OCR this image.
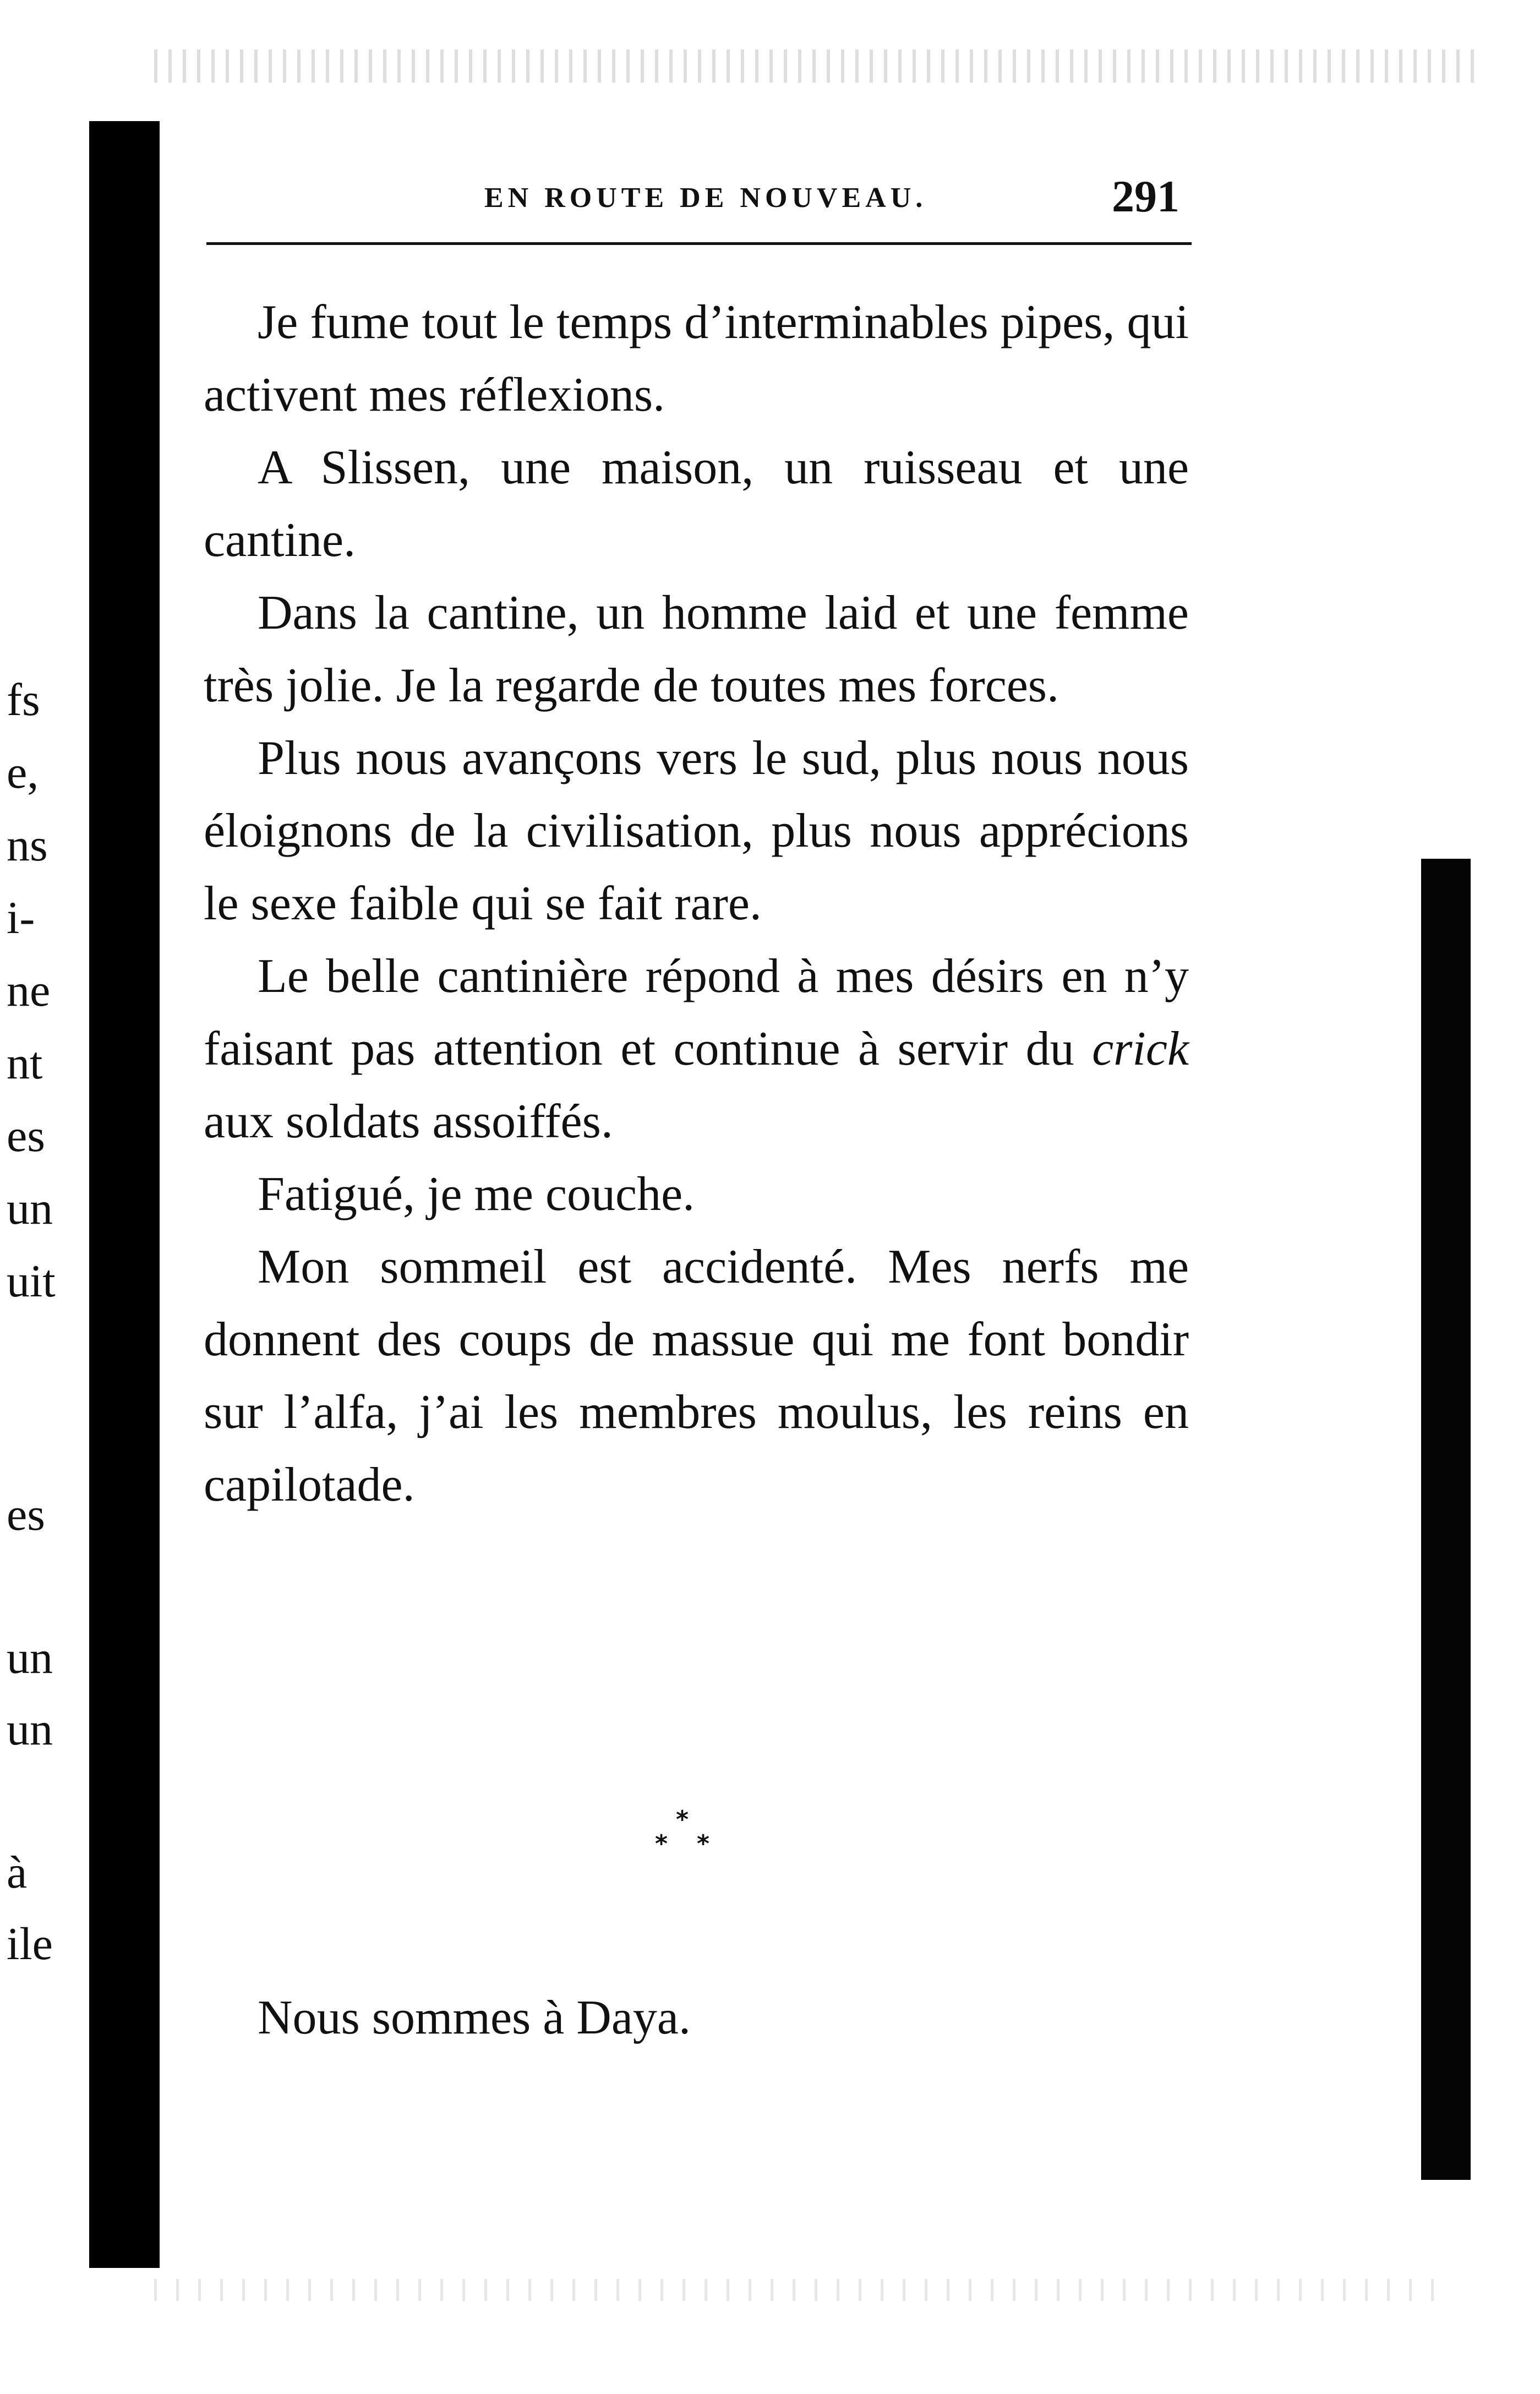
fs
e,
ns
i-
ne
nt
es
un
uit
es
un
un
à
ile
EN ROUTE DE NOUVEAU.	291

Je fume tout le temps d’interminables pipes, qui activent mes réflexions.

A Slissen, une maison, un ruisseau et une cantine.

Dans la cantine, un homme laid et une femme très jolie. Je la regarde de toutes mes forces.

Plus nous avançons vers le sud, plus nous nous éloignons de la civilisation, plus nous apprécions le sexe faible qui se fait rare.

Le belle cantinière répond à mes désirs en n’y faisant pas attention et continue à servir du crick aux soldats assoiffés.

Fatigué, je me couche.

Mon sommeil est accidenté. Mes nerfs me donnent des coups de massue qui me font bondir sur l’alfa, j’ai les membres moulus, les reins en capilotade.

*
* *
Nous sommes à Daya.
